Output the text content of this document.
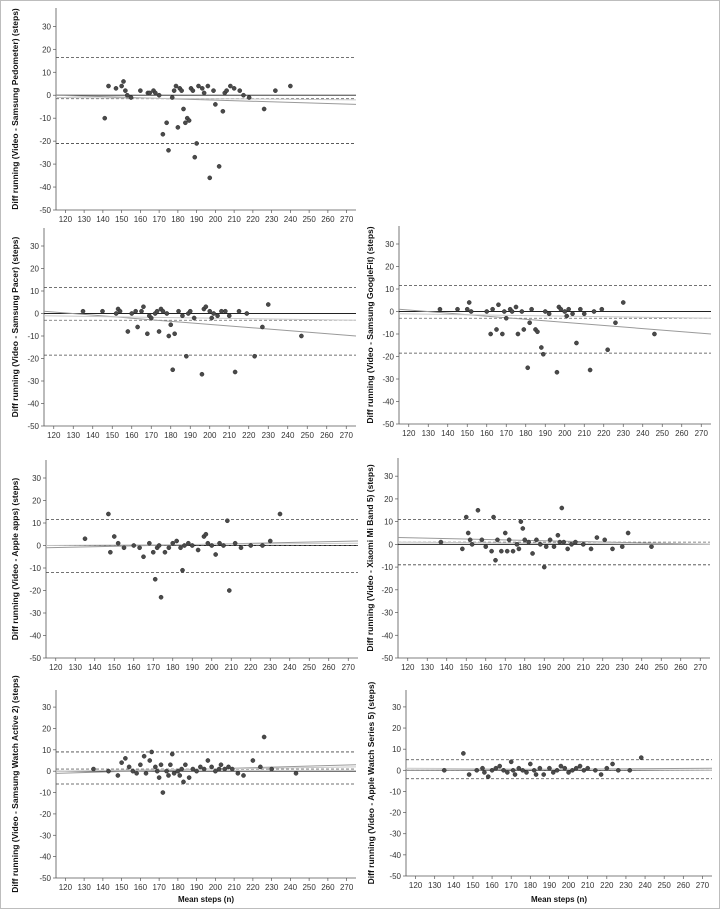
30
20
10
0
-10
-20
-30
-40
-50
120 130 140 150 160 170 180 190 200 210 220 230 240 250 260 270
Diff running (Video - Samsung Pedometer) (steps)
30
20
10
0
-10
-20
-30
-40
-50
120 130 140 150 160 170 180 190 200 210 220 230 240 250 260 270
Diff running (Video - Samsung Pacer) (steps)	30
20
10
0
-10
-20
-30
-40
-50
120 130 140 150 160 170 180 190 200 210 220 230 240 250 260 270
Diff running (Video - Samsung GoogleFit) (steps)
30
20
10
0
-10
-20
-30
-40
-50
120 130 140 150 160 170 180 190 200 210 220 230 240 250 260 270
Diff running (Video - Apple apps) (steps)
30
20
10
0
-10
-20
-30
-40
-50
120 130 140 150 160 170 180 190 200 210 220 230 240 250 260 270
Diff running (Video - Xiaomi Mi Band 5) (steps)
30
20
10
0
-10
-20
-30
-40
-50
120 130 140 150 160 170 180 190 200 210 220 230 240 250 260 270
Diff running (Video - Samsung Watch Active 2) (steps)
Mean steps (n)
30
20
10
0
-10
-20
-30
-40
-50
120 130 140 150 160 170 180 190 200 210 220 230 240 250 260 270
Diff running (Video - Apple Watch Series 5) (steps)
Mean steps (n)
